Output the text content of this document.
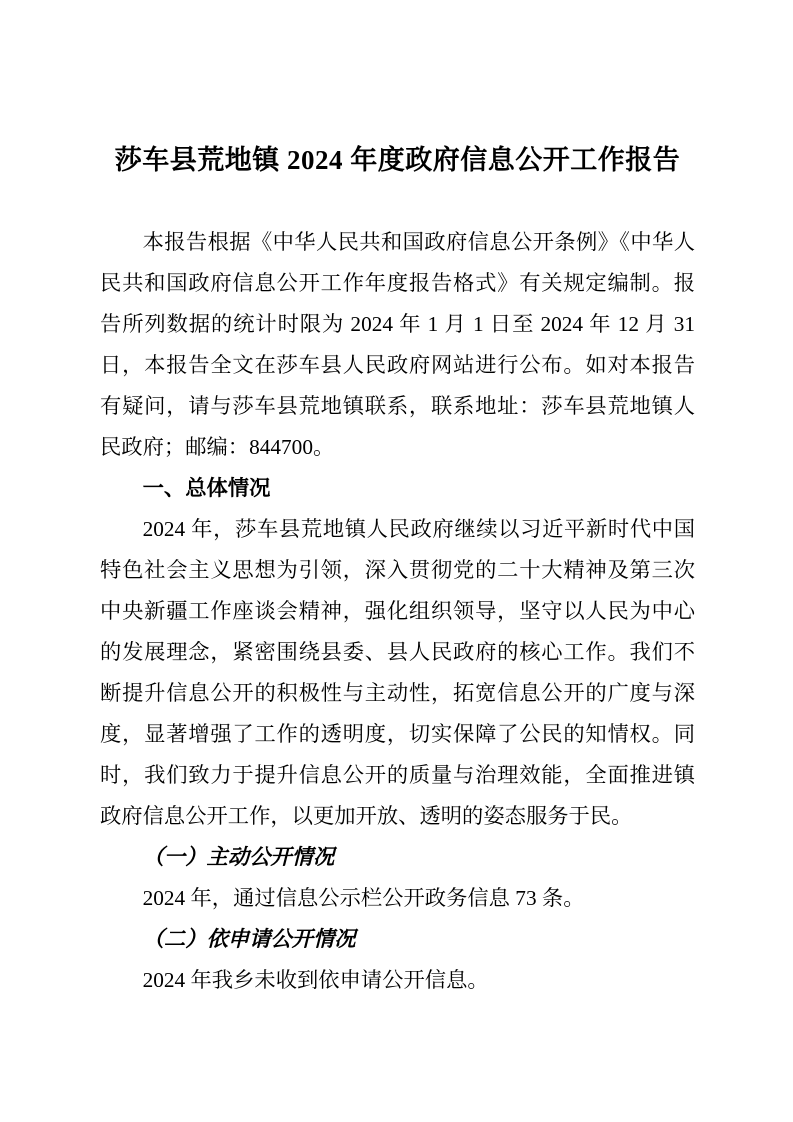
莎车县荒地镇 2024 年度政府信息公开工作报告

本报告根据《中华人民共和国政府信息公开条例》《中华人民共和国政府信息公开工作年度报告格式》有关规定编制。报告所列数据的统计时限为 2024 年 1 月 1 日至 2024 年 12 月 31 日，本报告全文在莎车县人民政府网站进行公布。如对本报告有疑问，请与莎车县荒地镇联系，联系地址：莎车县荒地镇人民政府；邮编：844700。

一、总体情况

2024 年，莎车县荒地镇人民政府继续以习近平新时代中国特色社会主义思想为引领，深入贯彻党的二十大精神及第三次中央新疆工作座谈会精神，强化组织领导，坚守以人民为中心的发展理念，紧密围绕县委、县人民政府的核心工作。我们不断提升信息公开的积极性与主动性，拓宽信息公开的广度与深度，显著增强了工作的透明度，切实保障了公民的知情权。同时，我们致力于提升信息公开的质量与治理效能，全面推进镇政府信息公开工作，以更加开放、透明的姿态服务于民。

（一）主动公开情况

2024 年，通过信息公示栏公开政务信息 73 条。

（二）依申请公开情况

2024 年我乡未收到依申请公开信息。
